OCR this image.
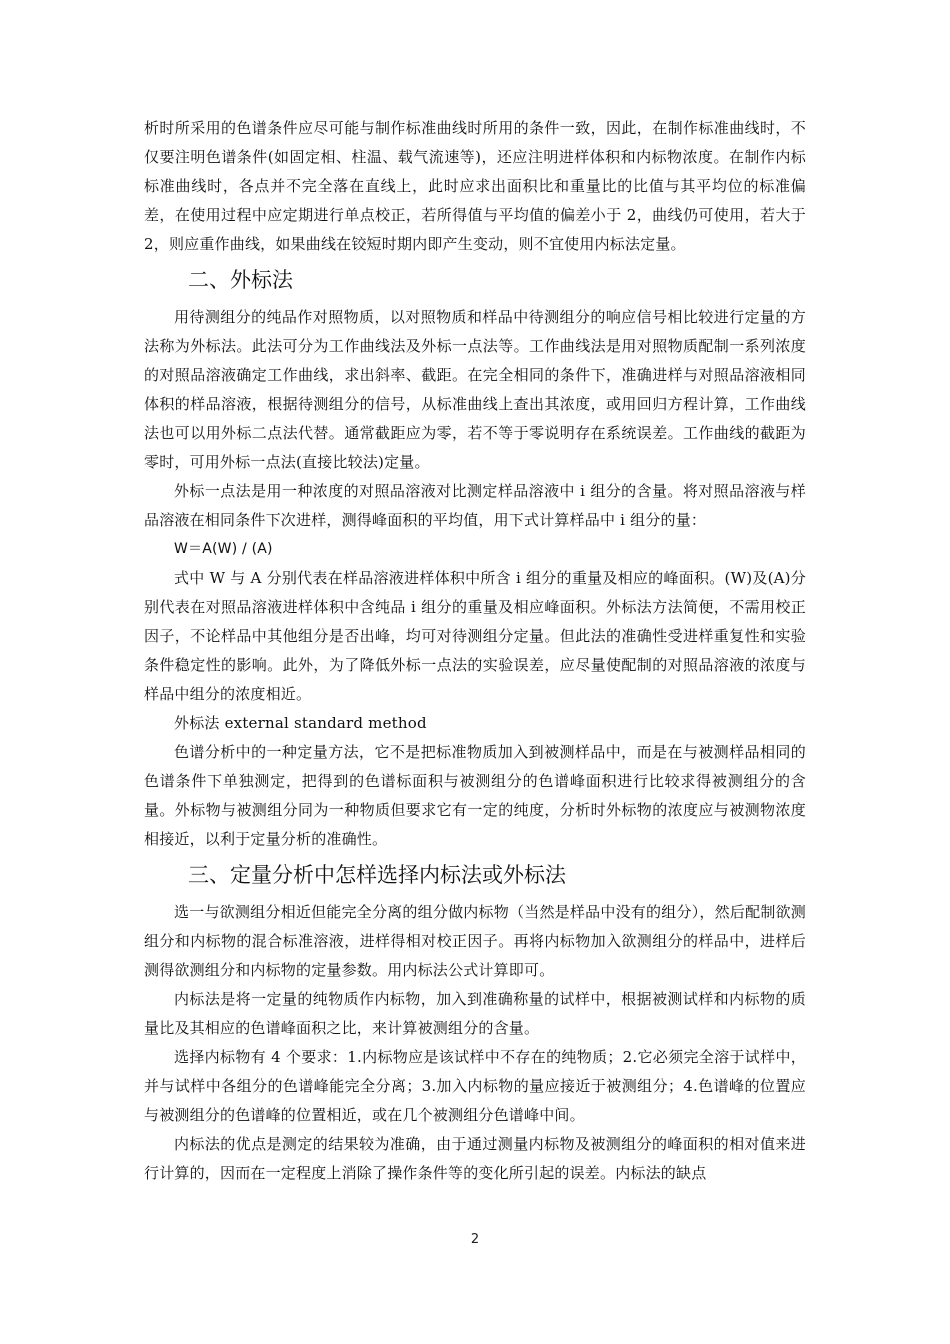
析时所采用的色谱条件应尽可能与制作标准曲线时所用的条件一致，因此，在制作标准曲线时，不仅要注明色谱条件(如固定相、柱温、载气流速等)，还应注明进样体积和内标物浓度。在制作内标标准曲线时，各点并不完全落在直线上，此时应求出面积比和重量比的比值与其平均位的标准偏差，在使用过程中应定期进行单点校正，若所得值与平均值的偏差小于 2，曲线仍可使用，若大于 2，则应重作曲线，如果曲线在铰短时期内即产生变动，则不宜使用内标法定量。

二、外标法

用待测组分的纯品作对照物质，以对照物质和样品中待测组分的响应信号相比较进行定量的方法称为外标法。此法可分为工作曲线法及外标一点法等。工作曲线法是用对照物质配制一系列浓度的对照品溶液确定工作曲线，求出斜率、截距。在完全相同的条件下，准确进样与对照品溶液相同体积的样品溶液，根据待测组分的信号，从标准曲线上查出其浓度，或用回归方程计算，工作曲线法也可以用外标二点法代替。通常截距应为零，若不等于零说明存在系统误差。工作曲线的截距为零时，可用外标一点法(直接比较法)定量。

外标一点法是用一种浓度的对照品溶液对比测定样品溶液中 i 组分的含量。将对照品溶液与样品溶液在相同条件下次进样，测得峰面积的平均值，用下式计算样品中 i 组分的量：

W＝A(W) / (A)

式中 W 与 A 分别代表在样品溶液进样体积中所含 i 组分的重量及相应的峰面积。(W)及(A)分别代表在对照品溶液进样体积中含纯品 i 组分的重量及相应峰面积。外标法方法简便，不需用校正因子，不论样品中其他组分是否出峰，均可对待测组分定量。但此法的准确性受进样重复性和实验条件稳定性的影响。此外，为了降低外标一点法的实验误差，应尽量使配制的对照品溶液的浓度与样品中组分的浓度相近。

外标法 external standard method

色谱分析中的一种定量方法，它不是把标准物质加入到被测样品中，而是在与被测样品相同的色谱条件下单独测定，把得到的色谱标面积与被测组分的色谱峰面积进行比较求得被测组分的含量。外标物与被测组分同为一种物质但要求它有一定的纯度，分析时外标物的浓度应与被测物浓度相接近，以利于定量分析的准确性。

三、定量分析中怎样选择内标法或外标法

选一与欲测组分相近但能完全分离的组分做内标物（当然是样品中没有的组分），然后配制欲测组分和内标物的混合标准溶液，进样得相对校正因子。再将内标物加入欲测组分的样品中，进样后测得欲测组分和内标物的定量参数。用内标法公式计算即可。

内标法是将一定量的纯物质作内标物，加入到准确称量的试样中，根据被测试样和内标物的质量比及其相应的色谱峰面积之比，来计算被测组分的含量。

选择内标物有 4 个要求：1.内标物应是该试样中不存在的纯物质；2.它必须完全溶于试样中，并与试样中各组分的色谱峰能完全分离；3.加入内标物的量应接近于被测组分；4.色谱峰的位置应与被测组分的色谱峰的位置相近，或在几个被测组分色谱峰中间。

内标法的优点是测定的结果较为准确，由于通过测量内标物及被测组分的峰面积的相对值来进行计算的，因而在一定程度上消除了操作条件等的变化所引起的误差。内标法的缺点

2
